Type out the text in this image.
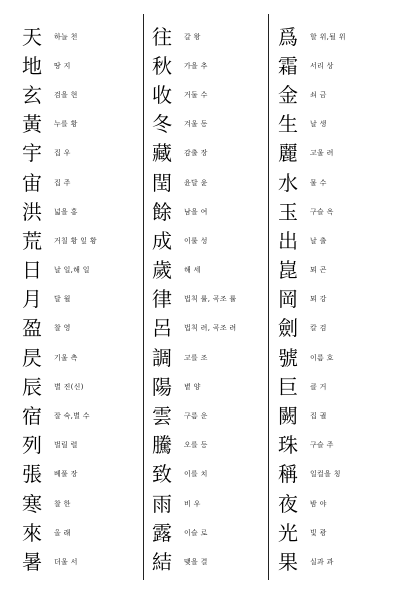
天	하늘 천
地	땅 지
玄	검을 현
黃	누를 황
宇	집 우
宙	집 주
洪	넓을 홍
荒	거칠 황 잎 황
日	날 일,해 일
月	달 월
盈	찰 영
昃	기울 측
辰	별 진(신)
宿	잘 숙,별 수
列	벌릴 렬
張	베풀 장
寒	찰 한
來	올 래
暑	더울 서
往	갈 왕
秋	가을 추
收	거둘 수
冬	겨울 동
藏	감출 장
閏	윤달 윤
餘	남을 여
成	이룰 성
歲	해 세
律	법칙 률, 곡조 률
呂	법칙 려, 곡조 려
調	고를 조
陽	볕 양
雲	구름 운
騰	오를 등
致	이를 치
雨	비 우
露	이슬 로
結	맺을 결
爲	할 위,될 위
霜	서리 상
金	쇠 금
生	날 생
麗	고울 려
水	물 수
玉	구슬 옥
出	날 출
崑	뫼 곤
岡	뫼 강
劍	칼 검
號	이름 호
巨	클 거
闕	집 궐
珠	구슬 주
稱	일컬을 칭
夜	밤 야
光	빛 광
果	실과 과
